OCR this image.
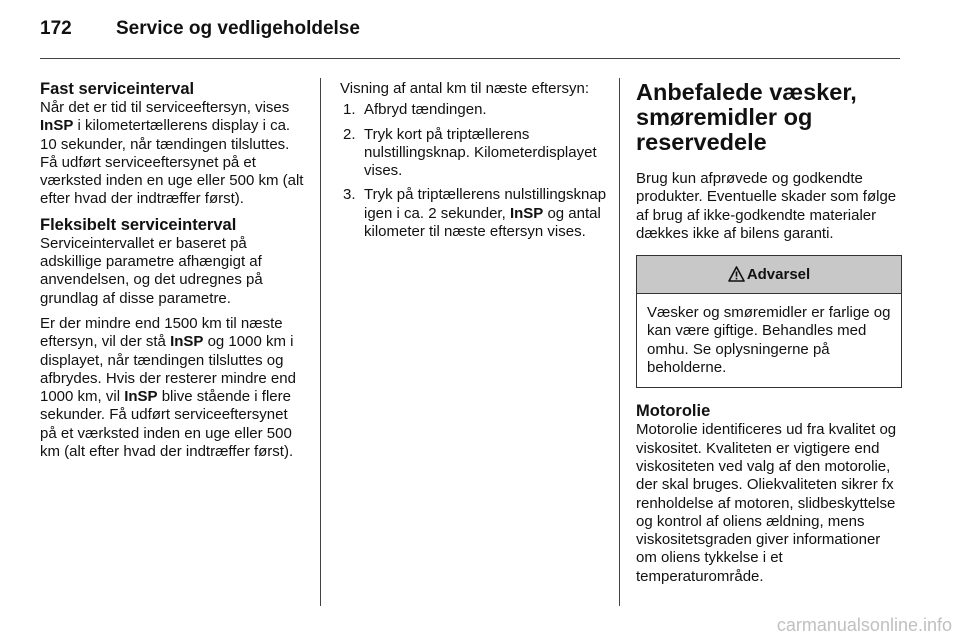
172 Service og vedligeholdelse
Fast serviceinterval

Når det er tid til serviceeftersyn, vises InSP i kilometertællerens display i ca. 10 sekunder, når tændingen tilsluttes. Få udført serviceeftersynet på et værksted inden en uge eller 500 km (alt efter hvad der indtræffer først).

Fleksibelt serviceinterval

Serviceintervallet er baseret på adskillige parametre afhængigt af anvendelsen, og det udregnes på grundlag af disse parametre.

Er der mindre end 1500 km til næste eftersyn, vil der stå InSP og 1000 km i displayet, når tændingen tilsluttes og afbrydes. Hvis der resterer mindre end 1000 km, vil InSP blive stående i flere sekunder. Få udført serviceeftersynet på et værksted inden en uge eller 500 km (alt efter hvad der indtræffer først).

Visning af antal km til næste eftersyn:

1. Afbryd tændingen.
2. Tryk kort på triptællerens nulstillingsknap. Kilometerdisplayet vises.
3. Tryk på triptællerens nulstillingsknap igen i ca. 2 sekunder, InSP og antal kilometer til næste eftersyn vises.
Anbefalede væsker, smøremidler og reservedele

Brug kun afprøvede og godkendte produkter. Eventuelle skader som følge af brug af ikke-godkendte materialer dækkes ikke af bilens garanti.

Advarsel
Væsker og smøremidler er farlige og kan være giftige. Behandles med omhu. Se oplysningerne på beholderne.
Motorolie

Motorolie identificeres ud fra kvalitet og viskositet. Kvaliteten er vigtigere end viskositeten ved valg af den motorolie, der skal bruges. Oliekvaliteten sikrer fx renholdelse af motoren, slidbeskyttelse og kontrol af oliens ældning, mens viskositetsgraden giver informationer om oliens tykkelse i et temperaturområde.

carmanualsonline.info
